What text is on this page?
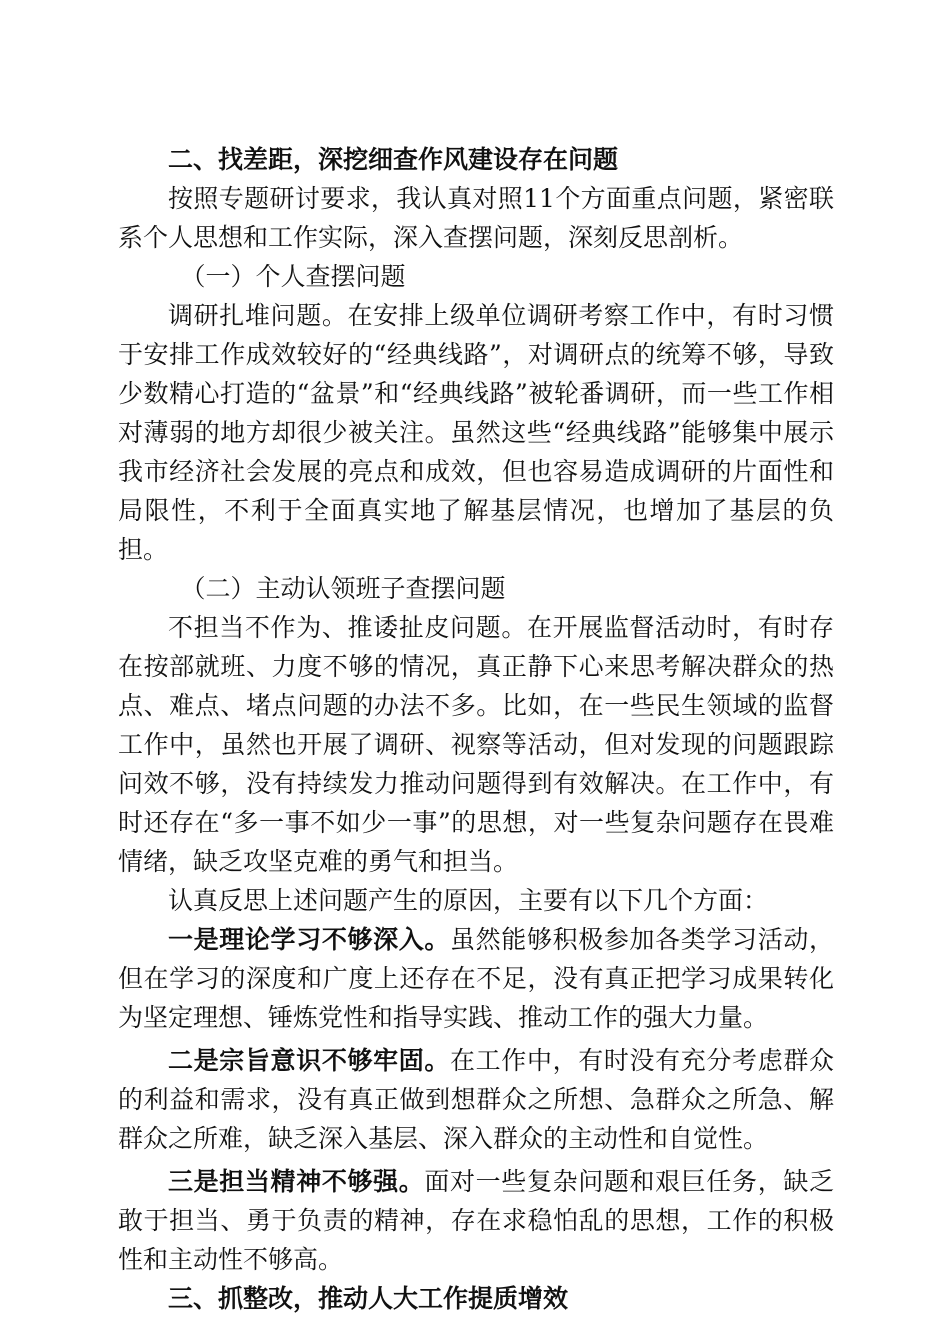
二、找差距，深挖细查作风建设存在问题

按照专题研讨要求，我认真对照11个方面重点问题，紧密联系个人思想和工作实际，深入查摆问题，深刻反思剖析。

（一）个人查摆问题

调研扎堆问题。在安排上级单位调研考察工作中，有时习惯于安排工作成效较好的“经典线路”，对调研点的统筹不够，导致少数精心打造的“盆景”和“经典线路”被轮番调研，而一些工作相对薄弱的地方却很少被关注。虽然这些“经典线路”能够集中展示我市经济社会发展的亮点和成效，但也容易造成调研的片面性和局限性，不利于全面真实地了解基层情况，也增加了基层的负担。

（二）主动认领班子查摆问题

不担当不作为、推诿扯皮问题。在开展监督活动时，有时存在按部就班、力度不够的情况，真正静下心来思考解决群众的热点、难点、堵点问题的办法不多。比如，在一些民生领域的监督工作中，虽然也开展了调研、视察等活动，但对发现的问题跟踪问效不够，没有持续发力推动问题得到有效解决。在工作中，有时还存在“多一事不如少一事”的思想，对一些复杂问题存在畏难情绪，缺乏攻坚克难的勇气和担当。

认真反思上述问题产生的原因，主要有以下几个方面：

一是理论学习不够深入。虽然能够积极参加各类学习活动，但在学习的深度和广度上还存在不足，没有真正把学习成果转化为坚定理想、锤炼党性和指导实践、推动工作的强大力量。

二是宗旨意识不够牢固。在工作中，有时没有充分考虑群众的利益和需求，没有真正做到想群众之所想、急群众之所急、解群众之所难，缺乏深入基层、深入群众的主动性和自觉性。

三是担当精神不够强。面对一些复杂问题和艰巨任务，缺乏敢于担当、勇于负责的精神，存在求稳怕乱的思想，工作的积极性和主动性不够高。

三、抓整改，推动人大工作提质增效
